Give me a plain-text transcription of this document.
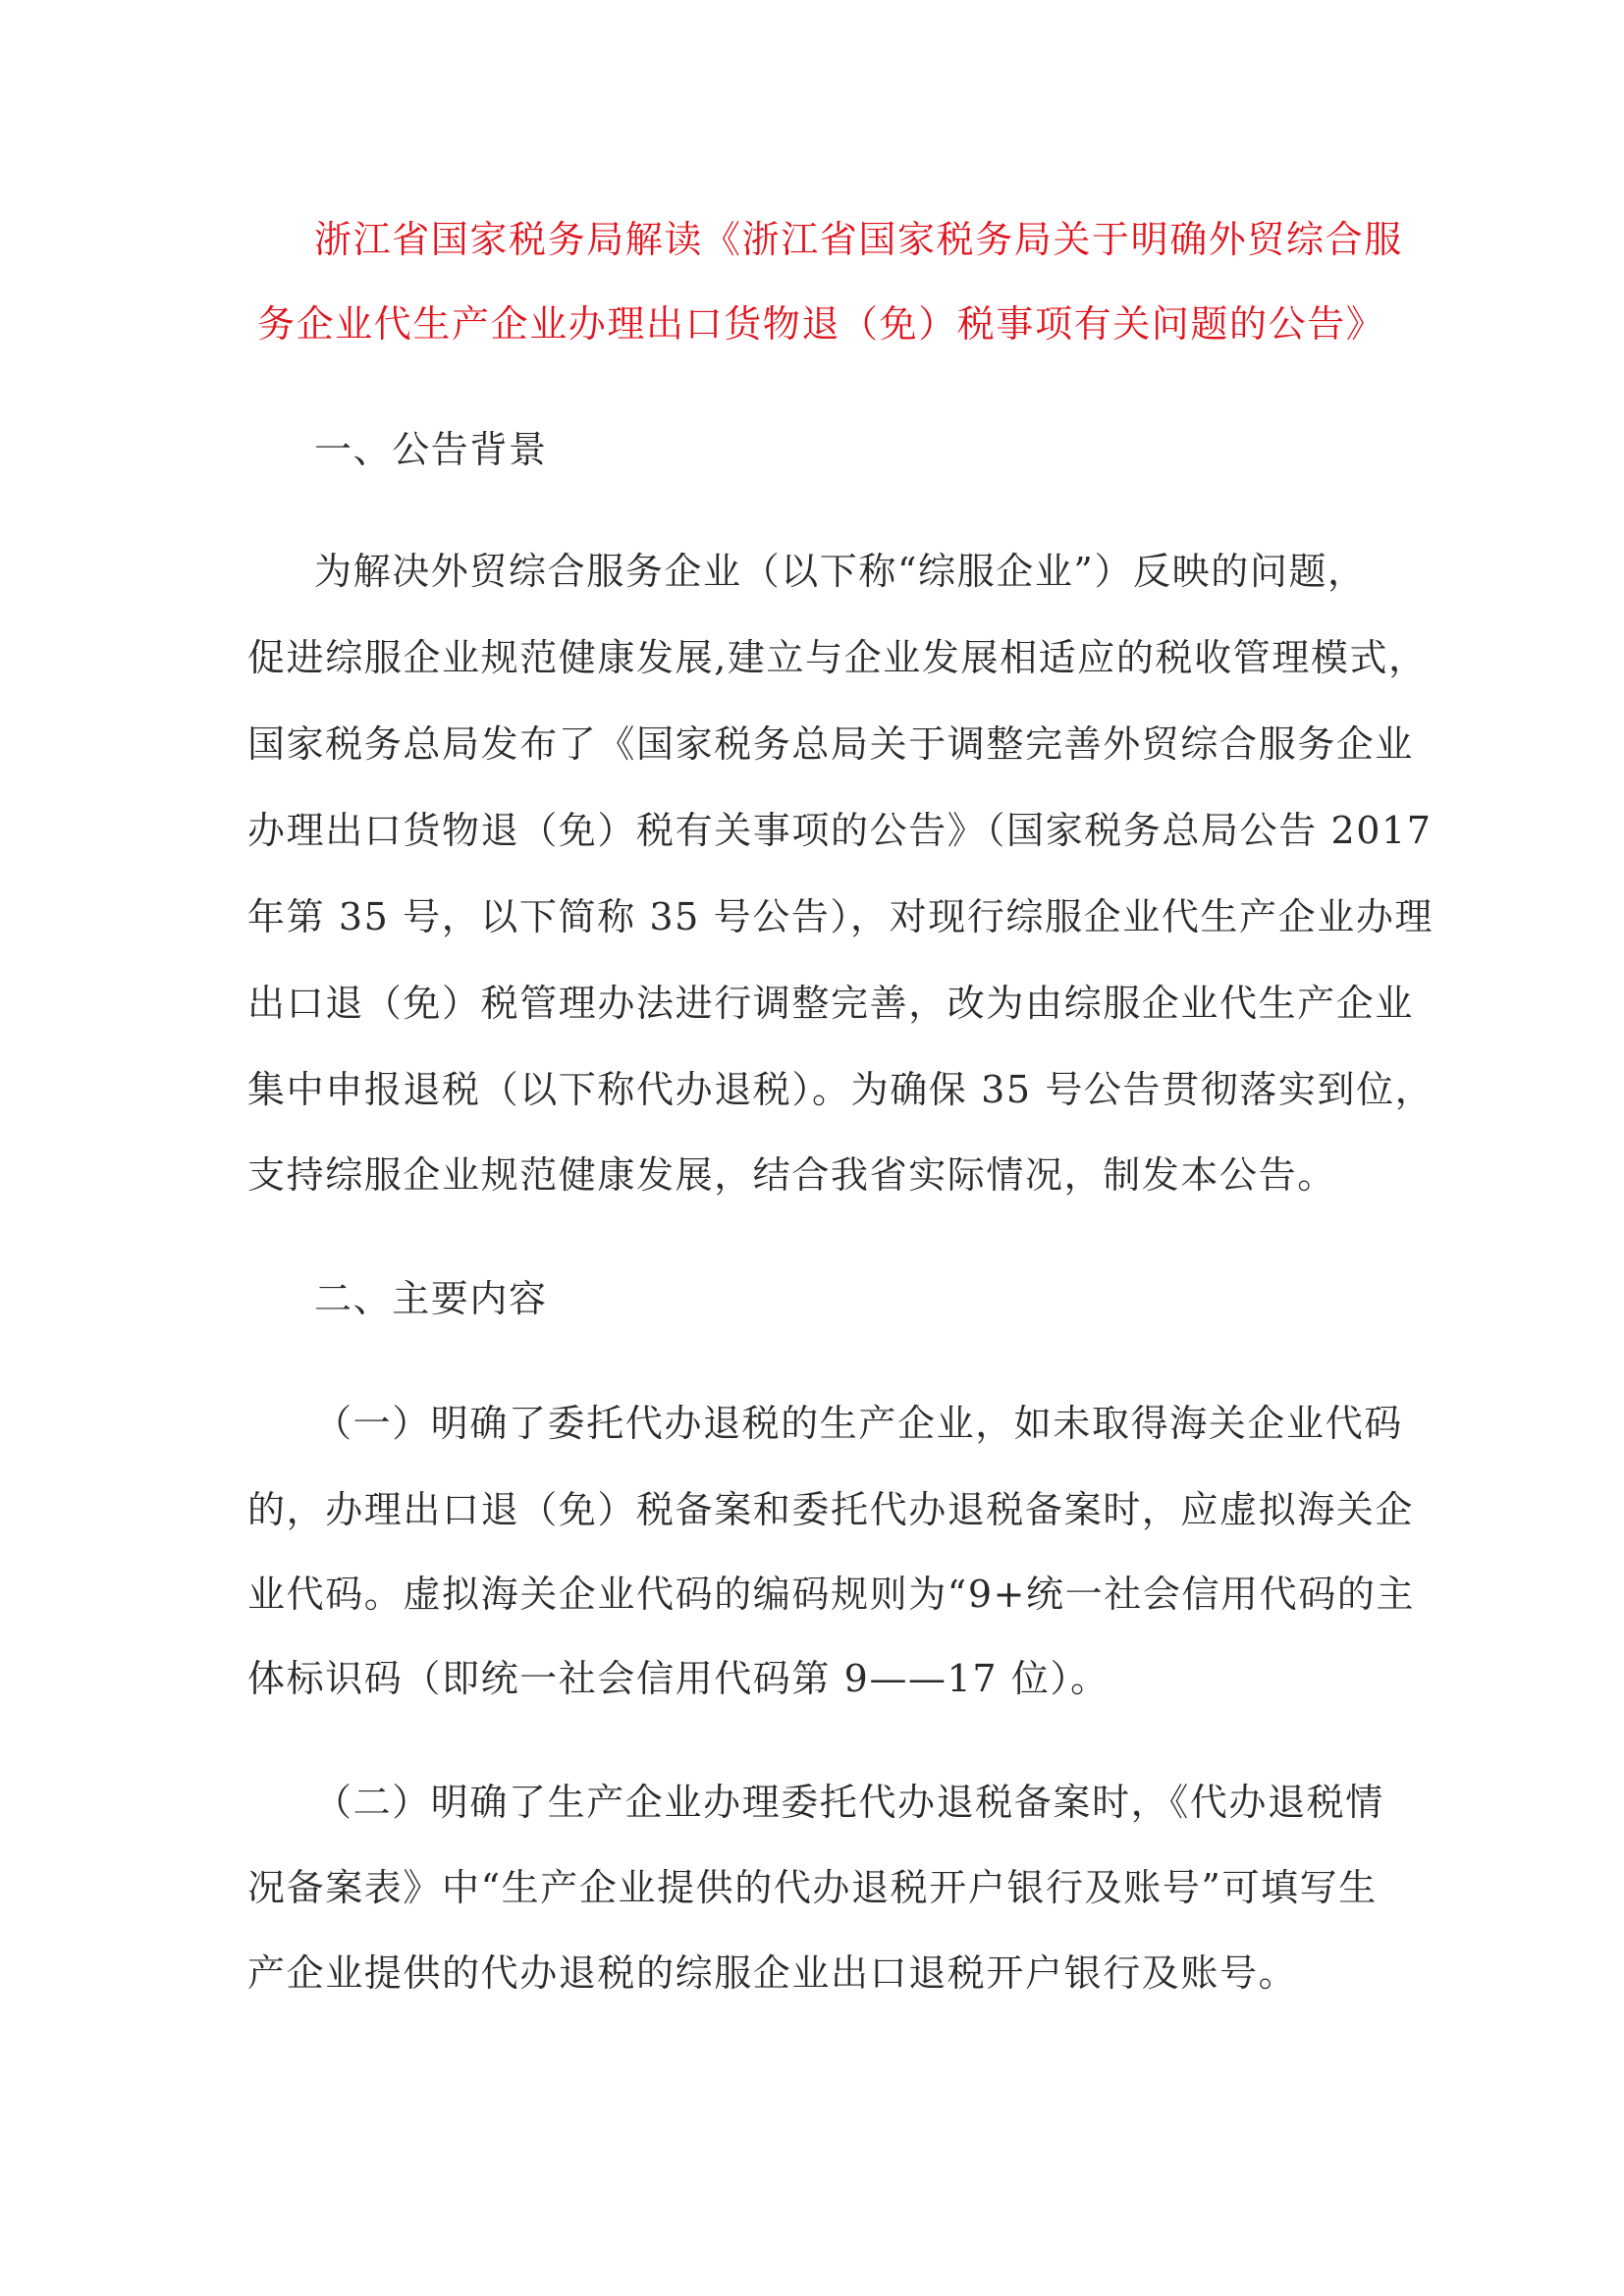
浙江省国家税务局解读《浙江省国家税务局关于明确外贸综合服
务企业代生产企业办理出口货物退（免）税事项有关问题的公告》
一、公告背景
为解决外贸综合服务企业（以下称“综服企业”）反映的问题，
促进综服企业规范健康发展,建立与企业发展相适应的税收管理模式，
国家税务总局发布了《国家税务总局关于调整完善外贸综合服务企业
办理出口货物退（免）税有关事项的公告》（国家税务总局公告 2017
年第 35 号，以下简称 35 号公告），对现行综服企业代生产企业办理
出口退（免）税管理办法进行调整完善，改为由综服企业代生产企业
集中申报退税（以下称代办退税）。为确保 35 号公告贯彻落实到位，
支持综服企业规范健康发展，结合我省实际情况，制发本公告。
二、主要内容
（一）明确了委托代办退税的生产企业，如未取得海关企业代码
的，办理出口退（免）税备案和委托代办退税备案时，应虚拟海关企
业代码。虚拟海关企业代码的编码规则为“9+统一社会信用代码的主
体标识码（即统一社会信用代码第 9——17 位）。
（二）明确了生产企业办理委托代办退税备案时，《代办退税情
况备案表》中“生产企业提供的代办退税开户银行及账号”可填写生
产企业提供的代办退税的综服企业出口退税开户银行及账号。
